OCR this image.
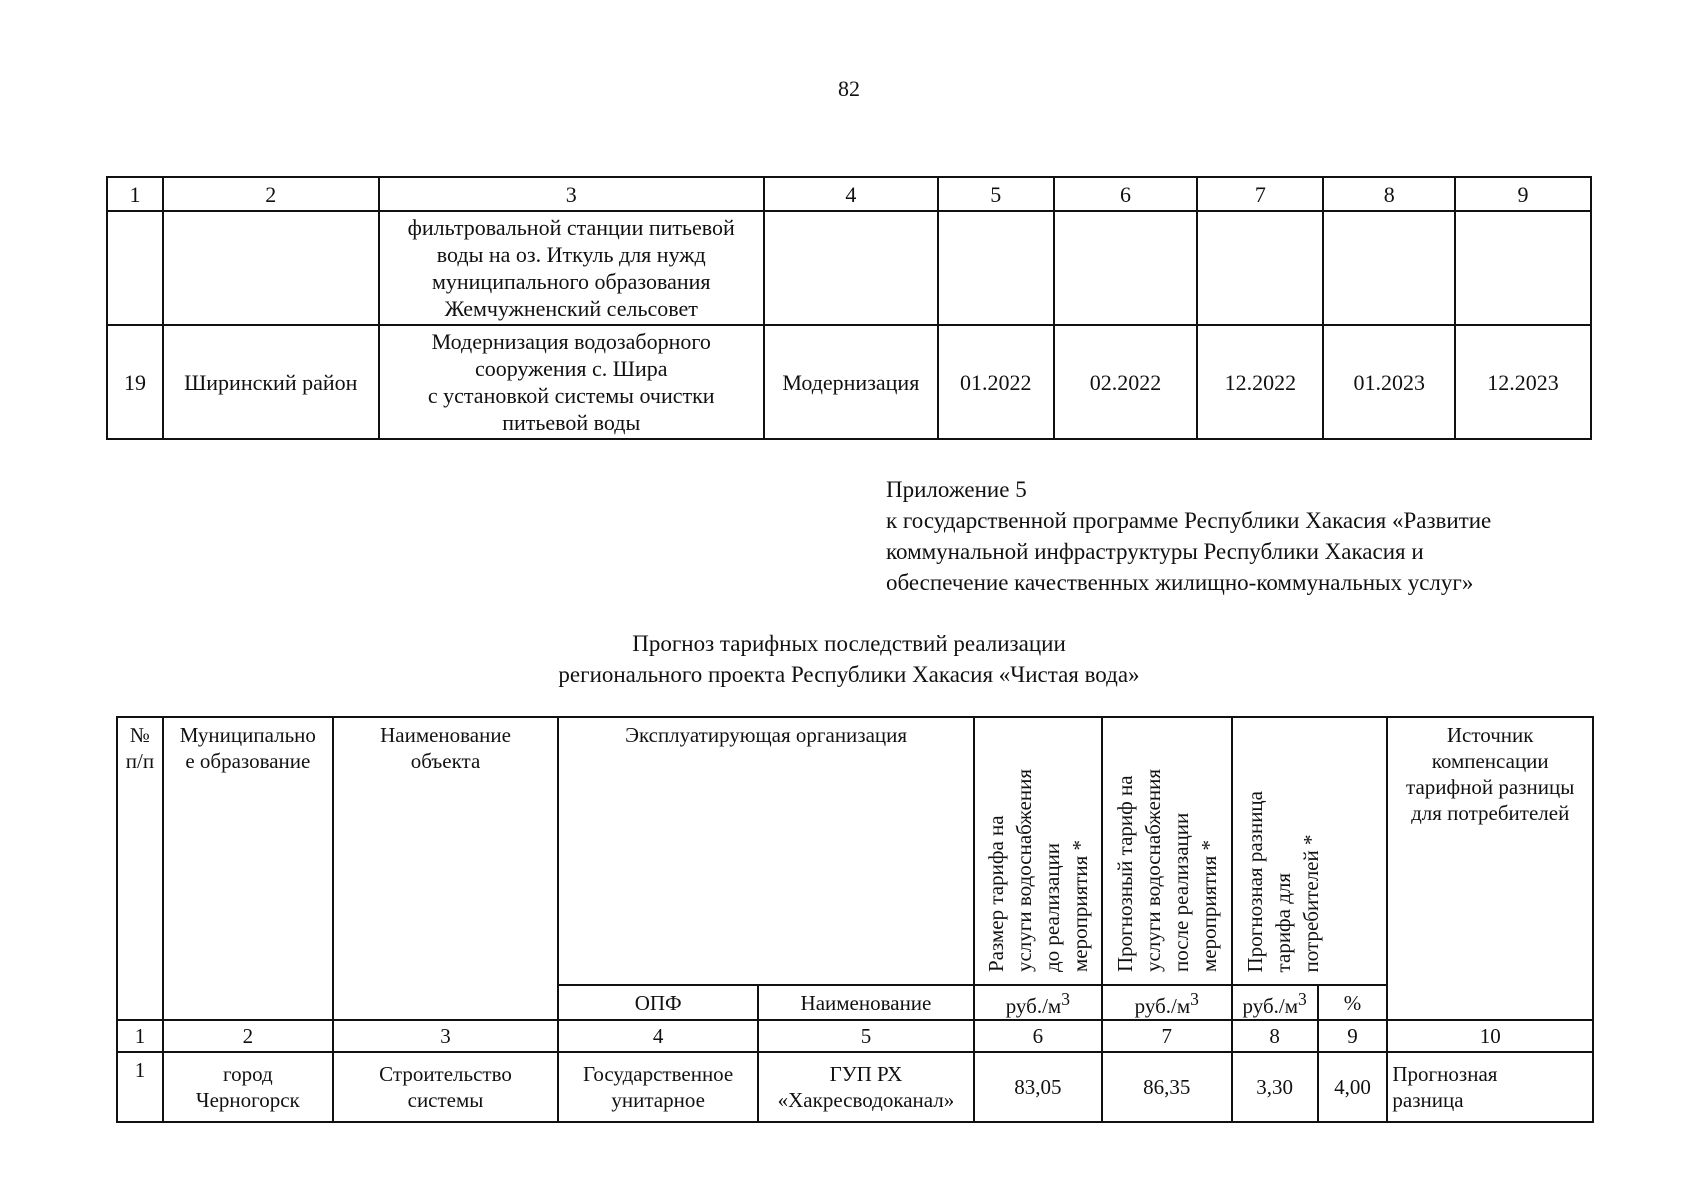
82
1	2	3	4	5	6	7	8	9
		фильтровальной станции питьевой
воды на оз. Иткуль для нужд
муниципального образования
Жемчужненский сельсовет						
19	Ширинский район	Модернизация водозаборного
сооружения с. Шира
с установкой системы очистки
питьевой воды	Модернизация	01.2022	02.2022	12.2022	01.2023	12.2023
Приложение 5
к государственной программе Республики Хакасия «Развитие
коммунальной инфраструктуры Республики Хакасия и
обеспечение качественных жилищно-коммунальных услуг»
Прогноз тарифных последствий реализации
регионального проекта Республики Хакасия «Чистая вода»
№
п/п	Муниципально
е образование	Наименование
объекта	Эксплуатирующая организация		Размер тарифа на
услуги водоснабжения
до реализации
мероприятия *	Прогнозный тариф на
услуги водоснабжения
после реализации
мероприятия *	Прогнозная разница
тарифа для
потребителей *		Источник
компенсации
тарифной разницы
для потребителей
			ОПФ	Наименование	$руб./м^3$	$руб./м^3$	$руб./м^3$	%	
1	2	3	4	5	6	7	8	9	10
1	город
Черногорск	Строительство
системы	Государственное
унитарное	ГУП РХ
«Хакресводоканал»	83,05	86,35	3,30	4,00	Прогнозная
разница
